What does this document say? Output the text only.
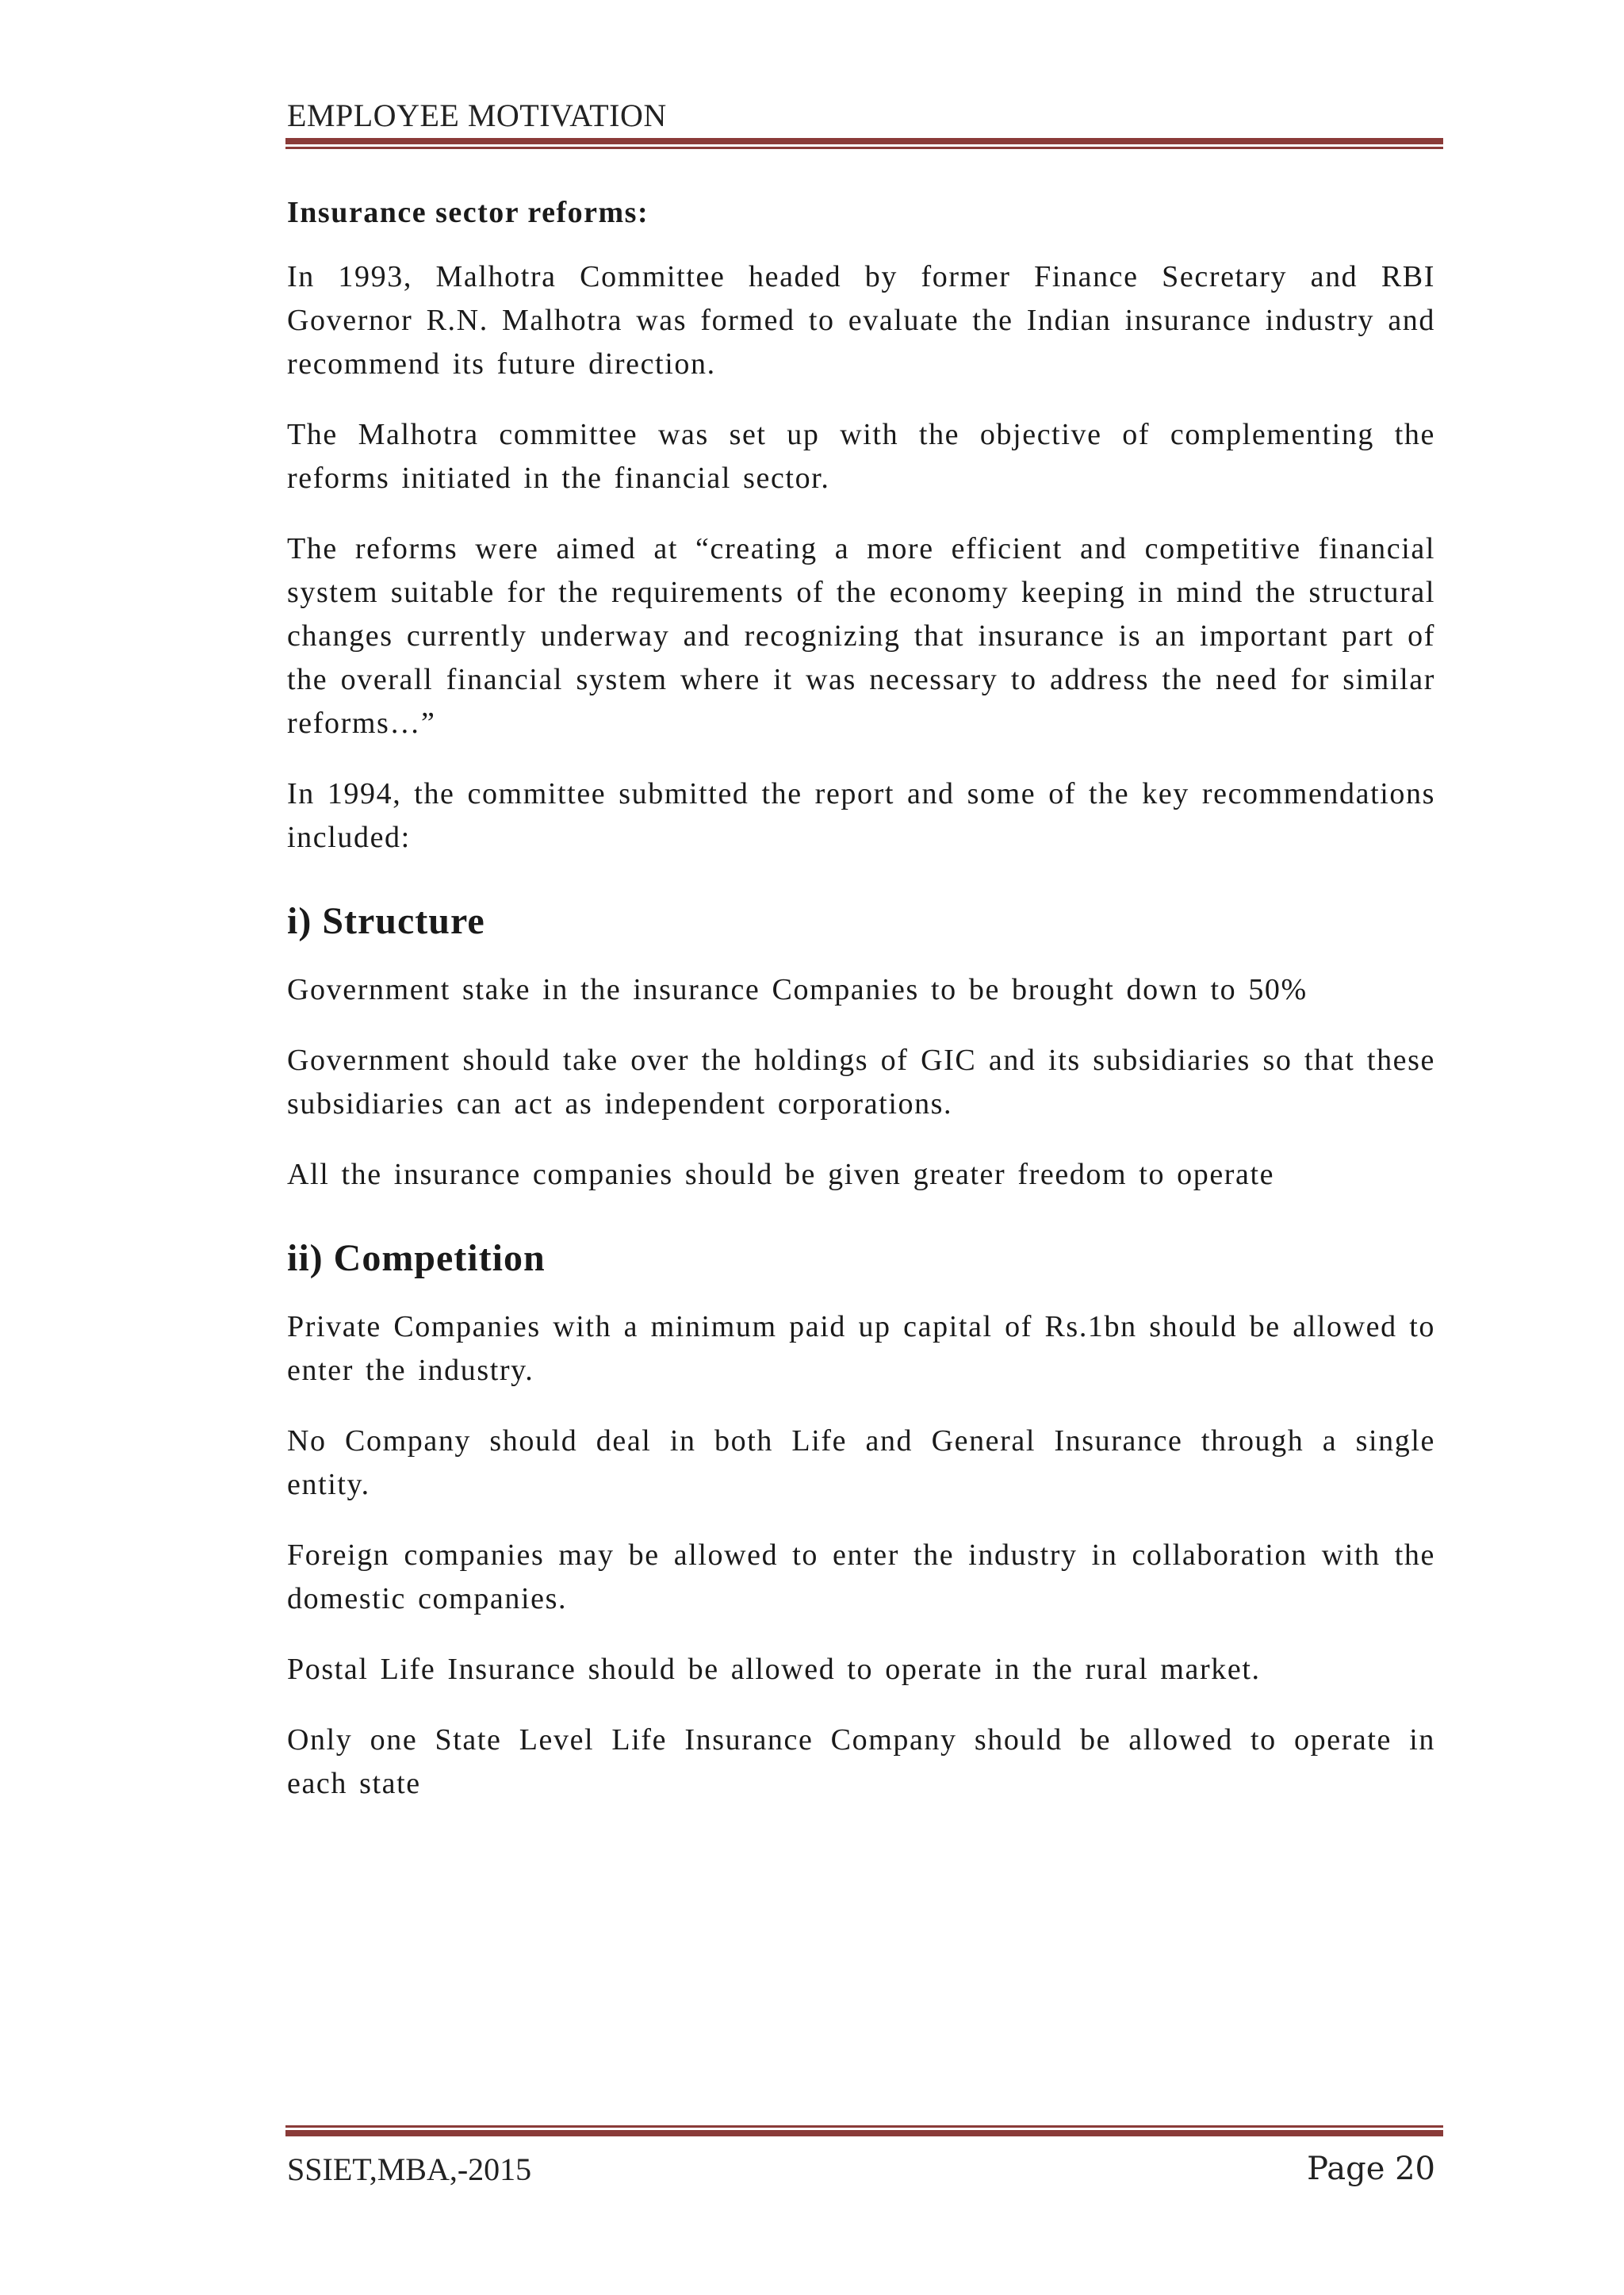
EMPLOYEE MOTIVATION
Insurance sector reforms:

In 1993, Malhotra Committee headed by former Finance Secretary and RBI Governor R.N. Malhotra was formed to evaluate the Indian insurance industry and recommend its future direction.

The Malhotra committee was set up with the objective of complementing the reforms initiated in the financial sector.

The reforms were aimed at “creating a more efficient and competitive financial system suitable for the requirements of the economy keeping in mind the structural changes currently underway and recognizing that insurance is an important part of the overall financial system where it was necessary to address the need for similar reforms…”

In 1994, the committee submitted the report and some of the key recommendations included:

i) Structure

Government stake in the insurance Companies to be brought down to 50%

Government should take over the holdings of GIC and its subsidiaries so that these subsidiaries can act as independent corporations.

All the insurance companies should be given greater freedom to operate

ii) Competition

Private Companies with a minimum paid up capital of Rs.1bn should be allowed to enter the industry.

No Company should deal in both Life and General Insurance through a single entity.

Foreign companies may be allowed to enter the industry in collaboration with the domestic companies.

Postal Life Insurance should be allowed to operate in the rural market.

Only one State Level Life Insurance Company should be allowed to operate in each state

SSIET,MBA,-2015	Page 20
